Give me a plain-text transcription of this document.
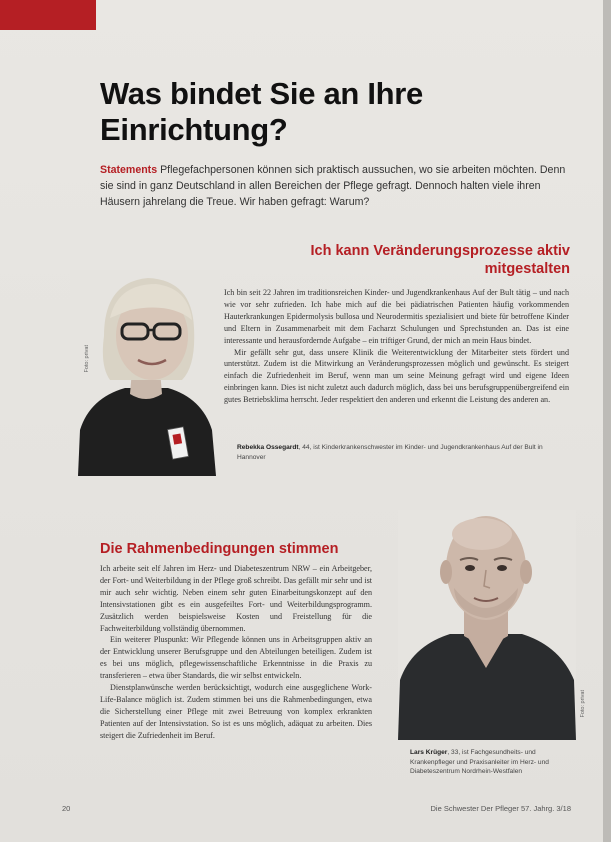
Was bindet Sie an Ihre Einrichtung?

Statements Pflegefachpersonen können sich praktisch aussuchen, wo sie arbeiten möchten. Denn sie sind in ganz Deutschland in allen Bereichen der Pflege gefragt. Dennoch halten viele ihren Häusern jahrelang die Treue. Wir haben gefragt: Warum?

Ich kann Veränderungsprozesse aktiv mitgestalten
Foto: privat

Ich bin seit 22 Jahren im traditionsreichen Kinder- und Jugendkrankenhaus Auf der Bult tätig – und nach wie vor sehr zufrieden. Ich habe mich auf die bei pädiatrischen Patienten häufig vorkommenden Hauterkrankungen Epidermolysis bullosa und Neurodermitis spezialisiert und biete für betroffene Kinder und Eltern in Zusammenarbeit mit dem Facharzt Schulungen und Sprechstunden an. Das ist eine interessante und herausfordernde Aufgabe – ein triftiger Grund, der mich an mein Haus bindet.

Mir gefällt sehr gut, dass unsere Klinik die Weiterentwicklung der Mitarbeiter stets fördert und unterstützt. Zudem ist die Mitwirkung an Veränderungsprozessen möglich und gewünscht. Es steigert einfach die Zufriedenheit im Beruf, wenn man um seine Meinung gefragt wird und eigene Ideen einbringen kann. Dies ist nicht zuletzt auch dadurch möglich, dass bei uns berufsgruppenübergreifend ein gutes Betriebsklima herrscht. Jeder respektiert den anderen und erkennt die Leistung des anderen an.

Rebekka Ossegardt, 44, ist Kinderkrankenschwester im Kinder- und Jugendkrankenhaus Auf der Bult in Hannover
Die Rahmenbedingungen stimmen

Ich arbeite seit elf Jahren im Herz- und Diabeteszentrum NRW – ein Arbeitgeber, der Fort- und Weiterbildung in der Pflege groß schreibt. Das gefällt mir sehr und ist mir auch sehr wichtig. Neben einem sehr guten Einarbeitungskonzept auf den Intensivstationen gibt es ein ausgefeiltes Fort- und Weiterbildungsprogramm. Zusätzlich werden beispielsweise Kosten und Freistellung für die Fachweiterbildung vollständig übernommen.

Ein weiterer Pluspunkt: Wir Pflegende können uns in Arbeitsgruppen aktiv an der Entwicklung unserer Berufsgruppe und den Abteilungen beteiligen. Zudem ist es bei uns möglich, pflegewissenschaftliche Erkenntnisse in die Praxis zu transferieren – etwa über Standards, die wir selbst entwickeln.

Dienstplanwünsche werden berücksichtigt, wodurch eine ausgeglichene Work-Life-Balance möglich ist. Zudem stimmen bei uns die Rahmenbedingungen, etwa die Sicherstellung einer Pflege mit zwei Betreuung von komplex erkrankten Patienten auf der Intensivstation. So ist es uns möglich, adäquat zu arbeiten. Dies steigert die Zufriedenheit im Beruf.

Foto: privat
Lars Krüger, 33, ist Fachgesundheits- und Krankenpfleger und Praxisanleiter im Herz- und Diabeteszentrum Nordrhein-Westfalen
20	Die Schwester Der Pfleger 57. Jahrg. 3/18
